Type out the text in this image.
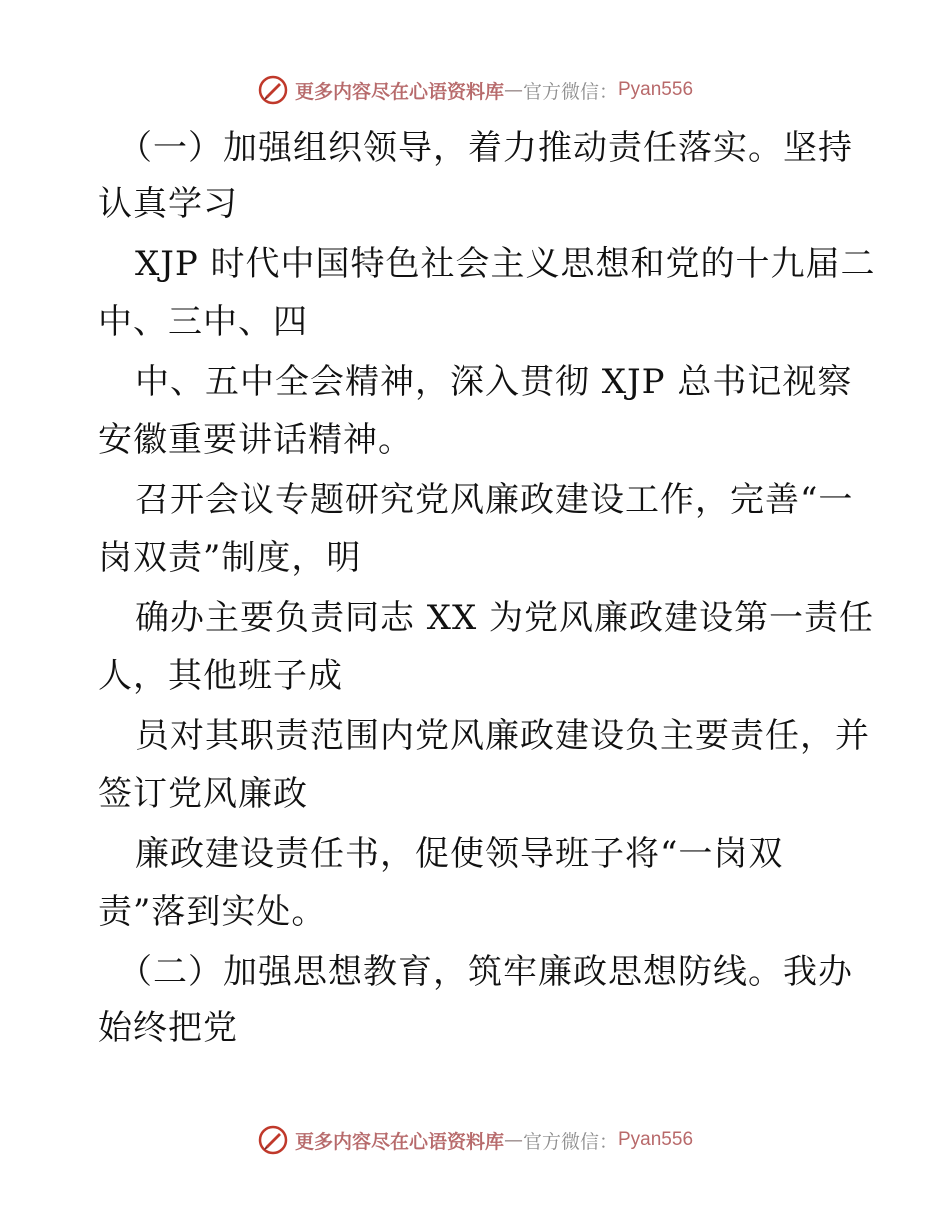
更多内容尽在心语资料库 — 官方微信： Pyan556
（一）加强组织领导，着力推动责任落实。坚持
认真学习
XJP 时代中国特色社会主义思想和党的十九届二
中、三中、四
中、五中全会精神，深入贯彻 XJP 总书记视察
安徽重要讲话精神。
召开会议专题研究党风廉政建设工作，完善“一
岗双责”制度，明
确办主要负责同志 XX 为党风廉政建设第一责任
人，其他班子成
员对其职责范围内党风廉政建设负主要责任，并
签订党风廉政
廉政建设责任书，促使领导班子将“一岗双
责”落到实处。
（二）加强思想教育，筑牢廉政思想防线。我办
始终把党
更多内容尽在心语资料库 — 官方微信： Pyan556
